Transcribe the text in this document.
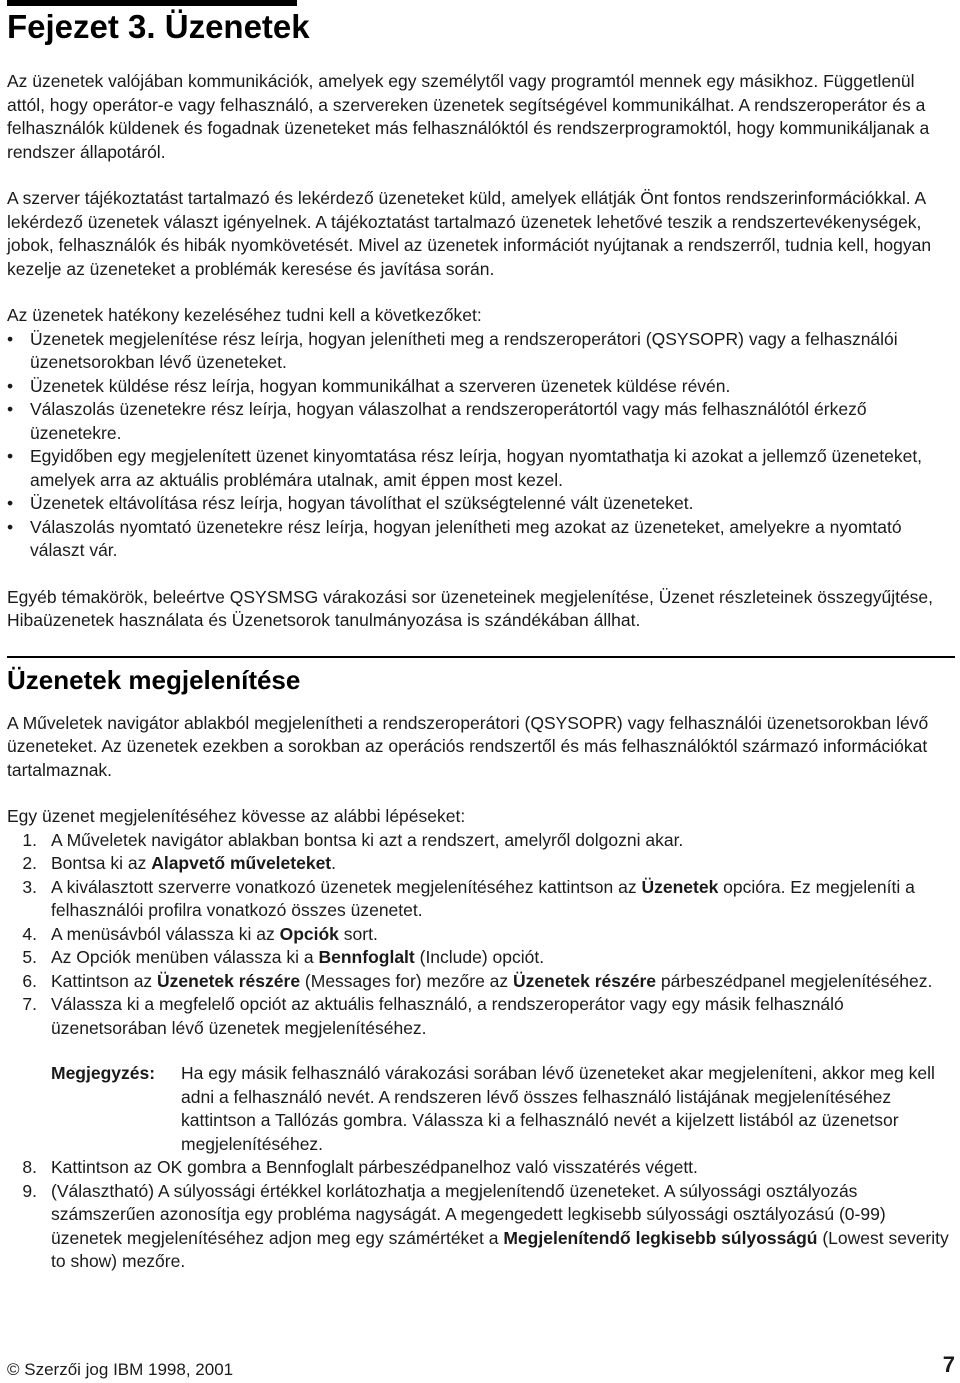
Fejezet 3. Üzenetek

Az üzenetek valójában kommunikációk, amelyek egy személytől vagy programtól mennek egy másikhoz. Függetlenül attól, hogy operátor-e vagy felhasználó, a szervereken üzenetek segítségével kommunikálhat. A rendszeroperátor és a felhasználók küldenek és fogadnak üzeneteket más felhasználóktól és rendszerprogramoktól, hogy kommunikáljanak a rendszer állapotáról.

A szerver tájékoztatást tartalmazó és lekérdező üzeneteket küld, amelyek ellátják Önt fontos rendszerinformációkkal. A lekérdező üzenetek választ igényelnek. A tájékoztatást tartalmazó üzenetek lehetővé teszik a rendszertevékenységek, jobok, felhasználók és hibák nyomkövetését. Mivel az üzenetek információt nyújtanak a rendszerről, tudnia kell, hogyan kezelje az üzeneteket a problémák keresése és javítása során.

Az üzenetek hatékony kezeléséhez tudni kell a következőket:
• Üzenetek megjelenítése rész leírja, hogyan jelenítheti meg a rendszeroperátori (QSYSOPR) vagy a felhasználói üzenetsorokban lévő üzeneteket.
• Üzenetek küldése rész leírja, hogyan kommunikálhat a szerveren üzenetek küldése révén.
• Válaszolás üzenetekre rész leírja, hogyan válaszolhat a rendszeroperátortól vagy más felhasználótól érkező üzenetekre.
• Egyidőben egy megjelenített üzenet kinyomtatása rész leírja, hogyan nyomtathatja ki azokat a jellemző üzeneteket, amelyek arra az aktuális problémára utalnak, amit éppen most kezel.
• Üzenetek eltávolítása rész leírja, hogyan távolíthat el szükségtelenné vált üzeneteket.
• Válaszolás nyomtató üzenetekre rész leírja, hogyan jelenítheti meg azokat az üzeneteket, amelyekre a nyomtató választ vár.

Egyéb témakörök, beleértve QSYSMSG várakozási sor üzeneteinek megjelenítése, Üzenet részleteinek összegyűjtése, Hibaüzenetek használata és Üzenetsorok tanulmányozása is szándékában állhat.

Üzenetek megjelenítése

A Műveletek navigátor ablakból megjelenítheti a rendszeroperátori (QSYSOPR) vagy felhasználói üzenetsorokban lévő üzeneteket. Az üzenetek ezekben a sorokban az operációs rendszertől és más felhasználóktól származó információkat tartalmaznak.

Egy üzenet megjelenítéséhez kövesse az alábbi lépéseket:
1. A Műveletek navigátor ablakban bontsa ki azt a rendszert, amelyről dolgozni akar.
2. Bontsa ki az Alapvető műveleteket.
3. A kiválasztott szerverre vonatkozó üzenetek megjelenítéséhez kattintson az Üzenetek opcióra. Ez megjeleníti a felhasználói profilra vonatkozó összes üzenetet.
4. A menüsávból válassza ki az Opciók sort.
5. Az Opciók menüben válassza ki a Bennfoglalt (Include) opciót.
6. Kattintson az Üzenetek részére (Messages for) mezőre az Üzenetek részére párbeszédpanel megjelenítéséhez.
7. Válassza ki a megfelelő opciót az aktuális felhasználó, a rendszeroperátor vagy egy másik felhasználó üzenetsorában lévő üzenetek megjelenítéséhez.
Megjegyzés:	Ha egy másik felhasználó várakozási sorában lévő üzeneteket akar megjeleníteni, akkor meg kell adni a felhasználó nevét. A rendszeren lévő összes felhasználó listájának megjelenítéséhez kattintson a Tallózás gombra. Válassza ki a felhasználó nevét a kijelzett listából az üzenetsor megjelenítéséhez.
8. Kattintson az OK gombra a Bennfoglalt párbeszédpanelhoz való visszatérés végett.
9. (Választható) A súlyossági értékkel korlátozhatja a megjelenítendő üzeneteket. A súlyossági osztályozás számszerűen azonosítja egy probléma nagyságát. A megengedett legkisebb súlyossági osztályozású (0-99) üzenetek megjelenítéséhez adjon meg egy számértéket a Megjelenítendő legkisebb súlyosságú (Lowest severity to show) mezőre.
© Szerzői jog IBM 1998, 2001	7
